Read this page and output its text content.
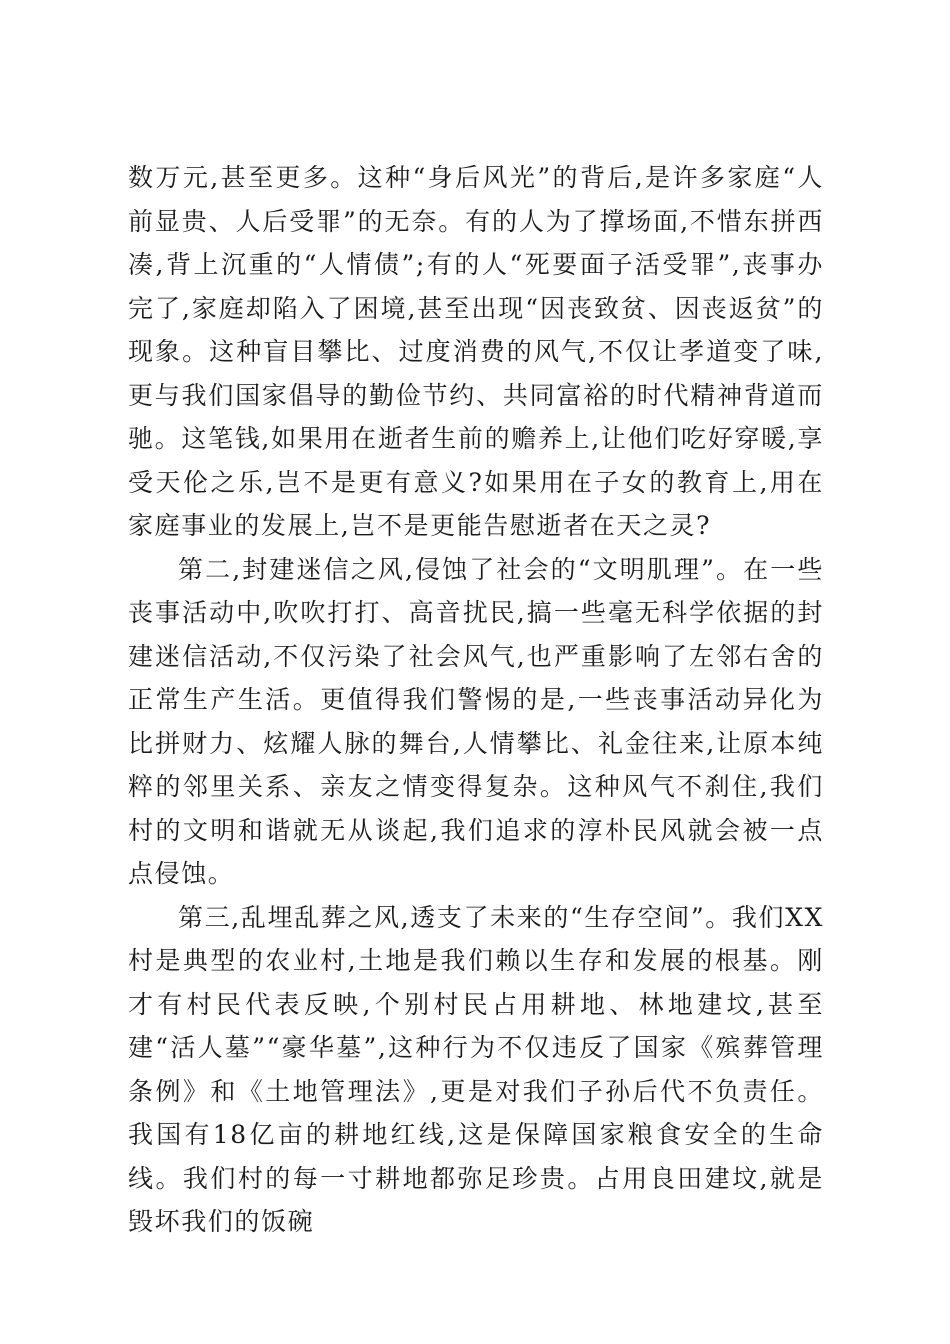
数万元,甚至更多。这种“身后风光”的背后,是许多家庭“人前显贵、人后受罪”的无奈。有的人为了撑场面,不惜东拼西凑,背上沉重的“人情债”;有的人“死要面子活受罪”,丧事办完了,家庭却陷入了困境,甚至出现“因丧致贫、因丧返贫”的现象。这种盲目攀比、过度消费的风气,不仅让孝道变了味,更与我们国家倡导的勤俭节约、共同富裕的时代精神背道而驰。这笔钱,如果用在逝者生前的赡养上,让他们吃好穿暖,享受天伦之乐,岂不是更有意义?如果用在子女的教育上,用在家庭事业的发展上,岂不是更能告慰逝者在天之灵?

第二,封建迷信之风,侵蚀了社会的“文明肌理”。在一些丧事活动中,吹吹打打、高音扰民,搞一些毫无科学依据的封建迷信活动,不仅污染了社会风气,也严重影响了左邻右舍的正常生产生活。更值得我们警惕的是,一些丧事活动异化为比拼财力、炫耀人脉的舞台,人情攀比、礼金往来,让原本纯粹的邻里关系、亲友之情变得复杂。这种风气不刹住,我们村的文明和谐就无从谈起,我们追求的淳朴民风就会被一点点侵蚀。

第三,乱埋乱葬之风,透支了未来的“生存空间”。我们XX村是典型的农业村,土地是我们赖以生存和发展的根基。刚才有村民代表反映,个别村民占用耕地、林地建坟,甚至建“活人墓”“豪华墓”,这种行为不仅违反了国家《殡葬管理条例》和《土地管理法》,更是对我们子孙后代不负责任。我国有18亿亩的耕地红线,这是保障国家粮食安全的生命线。我们村的每一寸耕地都弥足珍贵。占用良田建坟,就是毁坏我们的饭碗
